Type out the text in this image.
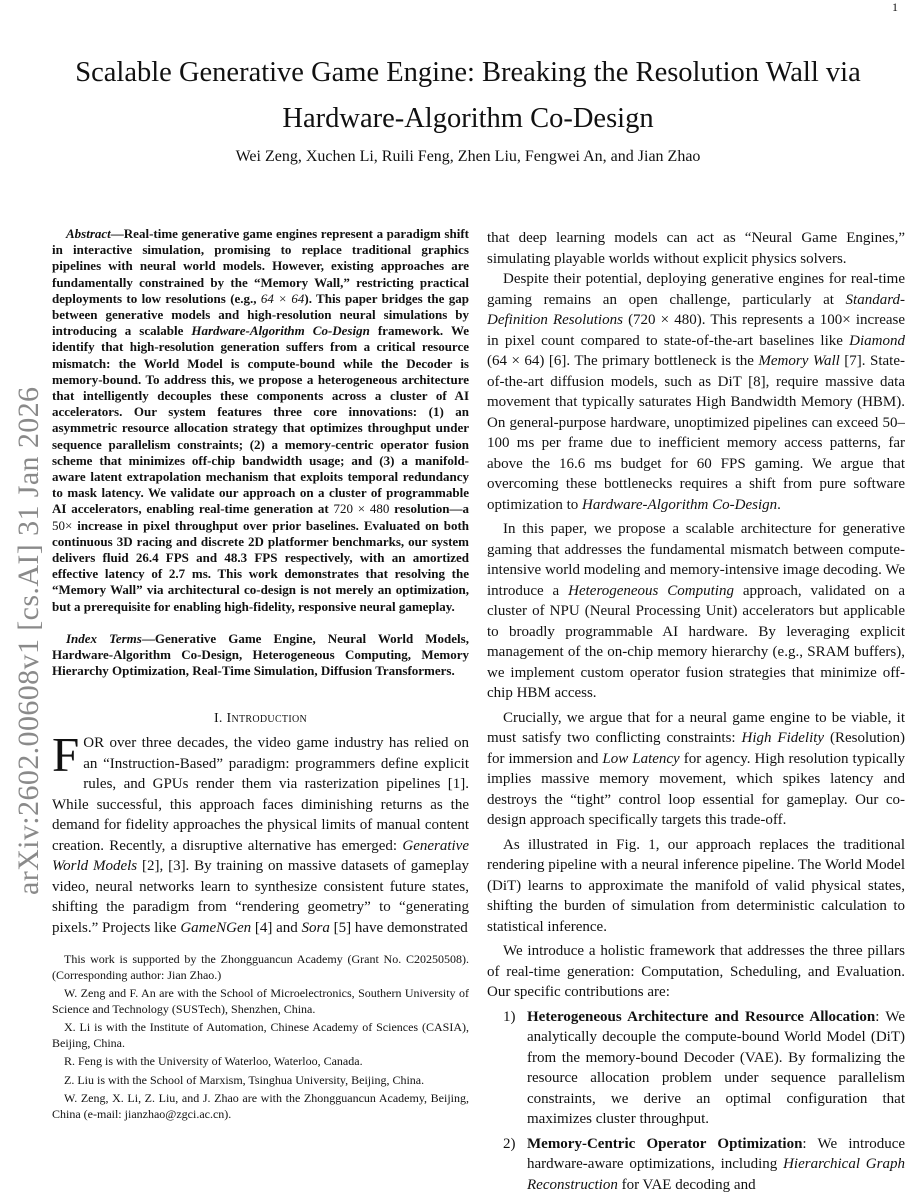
1
arXiv:2602.00608v1 [cs.AI] 31 Jan 2026
Scalable Generative Game Engine: Breaking the Resolution Wall via Hardware-Algorithm Co-Design
Wei Zeng, Xuchen Li, Ruili Feng, Zhen Liu, Fengwei An, and Jian Zhao

Abstract—Real-time generative game engines represent a paradigm shift in interactive simulation, promising to replace traditional graphics pipelines with neural world models. However, existing approaches are fundamentally constrained by the “Memory Wall,” restricting practical deployments to low resolutions (e.g., 64 × 64). This paper bridges the gap between generative models and high-resolution neural simulations by introducing a scalable Hardware-Algorithm Co-Design framework. We identify that high-resolution generation suffers from a critical resource mismatch: the World Model is compute-bound while the Decoder is memory-bound. To address this, we propose a heterogeneous architecture that intelligently decouples these components across a cluster of AI accelerators. Our system features three core innovations: (1) an asymmetric resource allocation strategy that optimizes throughput under sequence parallelism constraints; (2) a memory-centric operator fusion scheme that minimizes off-chip bandwidth usage; and (3) a manifold-aware latent extrapolation mechanism that exploits temporal redundancy to mask latency. We validate our approach on a cluster of programmable AI accelerators, enabling real-time generation at 720 × 480 resolution—a 50× increase in pixel throughput over prior baselines. Evaluated on both continuous 3D racing and discrete 2D platformer benchmarks, our system delivers fluid 26.4 FPS and 48.3 FPS respectively, with an amortized effective latency of 2.7 ms. This work demonstrates that resolving the “Memory Wall” via architectural co-design is not merely an optimization, but a prerequisite for enabling high-fidelity, responsive neural gameplay.

Index Terms—Generative Game Engine, Neural World Models, Hardware-Algorithm Co-Design, Heterogeneous Computing, Memory Hierarchy Optimization, Real-Time Simulation, Diffusion Transformers.

I. Introduction

FOR over three decades, the video game industry has relied on an “Instruction-Based” paradigm: programmers define explicit rules, and GPUs render them via rasterization pipelines [1]. While successful, this approach faces diminishing returns as the demand for fidelity approaches the physical limits of manual content creation. Recently, a disruptive alternative has emerged: Generative World Models [2], [3]. By training on massive datasets of gameplay video, neural networks learn to synthesize consistent future states, shifting the paradigm from “rendering geometry” to “generating pixels.” Projects like GameNGen [4] and Sora [5] have demonstrated

This work is supported by the Zhongguancun Academy (Grant No. C20250508). (Corresponding author: Jian Zhao.)

W. Zeng and F. An are with the School of Microelectronics, Southern University of Science and Technology (SUSTech), Shenzhen, China.

X. Li is with the Institute of Automation, Chinese Academy of Sciences (CASIA), Beijing, China.

R. Feng is with the University of Waterloo, Waterloo, Canada.

Z. Liu is with the School of Marxism, Tsinghua University, Beijing, China.

W. Zeng, X. Li, Z. Liu, and J. Zhao are with the Zhongguancun Academy, Beijing, China (e-mail: jianzhao@zgci.ac.cn).

that deep learning models can act as “Neural Game Engines,” simulating playable worlds without explicit physics solvers.

Despite their potential, deploying generative engines for real-time gaming remains an open challenge, particularly at Standard-Definition Resolutions (720 × 480). This represents a 100× increase in pixel count compared to state-of-the-art baselines like Diamond (64 × 64) [6]. The primary bottleneck is the Memory Wall [7]. State-of-the-art diffusion models, such as DiT [8], require massive data movement that typically saturates High Bandwidth Memory (HBM). On general-purpose hardware, unoptimized pipelines can exceed 50–100 ms per frame due to inefficient memory access patterns, far above the 16.6 ms budget for 60 FPS gaming. We argue that overcoming these bottlenecks requires a shift from pure software optimization to Hardware-Algorithm Co-Design.

In this paper, we propose a scalable architecture for generative gaming that addresses the fundamental mismatch between compute-intensive world modeling and memory-intensive image decoding. We introduce a Heterogeneous Computing approach, validated on a cluster of NPU (Neural Processing Unit) accelerators but applicable to broadly programmable AI hardware. By leveraging explicit management of the on-chip memory hierarchy (e.g., SRAM buffers), we implement custom operator fusion strategies that minimize off-chip HBM access.

Crucially, we argue that for a neural game engine to be viable, it must satisfy two conflicting constraints: High Fidelity (Resolution) for immersion and Low Latency for agency. High resolution typically implies massive memory movement, which spikes latency and destroys the “tight” control loop essential for gameplay. Our co-design approach specifically targets this trade-off.

As illustrated in Fig. 1, our approach replaces the traditional rendering pipeline with a neural inference pipeline. The World Model (DiT) learns to approximate the manifold of valid physical states, shifting the burden of simulation from deterministic calculation to statistical inference.

We introduce a holistic framework that addresses the three pillars of real-time generation: Computation, Scheduling, and Evaluation. Our specific contributions are:

1) Heterogeneous Architecture and Resource Allocation: We analytically decouple the compute-bound World Model (DiT) from the memory-bound Decoder (VAE). By formalizing the resource allocation problem under sequence parallelism constraints, we derive an optimal configuration that maximizes cluster throughput.
2) Memory-Centric Operator Optimization: We introduce hardware-aware optimizations, including Hierarchical Graph Reconstruction for VAE decoding and
